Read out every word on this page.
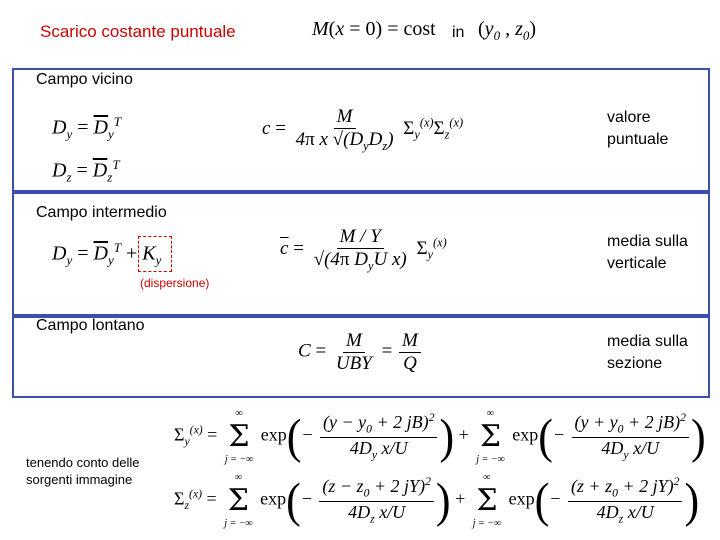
Scarico costante puntuale	M(x = 0) = cost in ($y_0$ , $z_0$)
Campo vicino
$D_y = \overline{D}_y^T$
$D_z = \overline{D}_z^T$
$c = \frac{M}{4\pi x √(D_yD_z)} \Sigma_y^{(x)}\Sigma_z^{(x)}$	valore puntuale
Campo intermedio
$D_y = \overline{D}_y^T + K_y$
(dispersione)
$\overline{c} = \frac{M / Y}{√(4\pi D_yU x)} \Sigma_y^{(x)}$	media sulla verticale
Campo lontano
$C = \frac{M}{\text{UBY}} = \frac{M}{Q}$	media sulla sezione
tenendo conto delle sorgenti immagine
$\Sigma_y^{(x)}$ =
∞
Σ
j = −∞
$\exp(- \frac{(y - y_0 + 2 jB)^2}{4D_y x/U}$ ) +
∞
Σ
j = −∞
$\exp(- \frac{(y + y_0 + 2 jB)^2}{4D_y x/U}$ )
$\Sigma_z^{(x)}$ =
∞
Σ
j = −∞
$\exp(- \frac{(z - z_0 + 2 jY)^2}{4D_z x/U}$ ) +
∞
Σ
j = −∞
$\exp(- \frac{(z + z_0 + 2 jY)^2}{4D_z x/U}$ )
